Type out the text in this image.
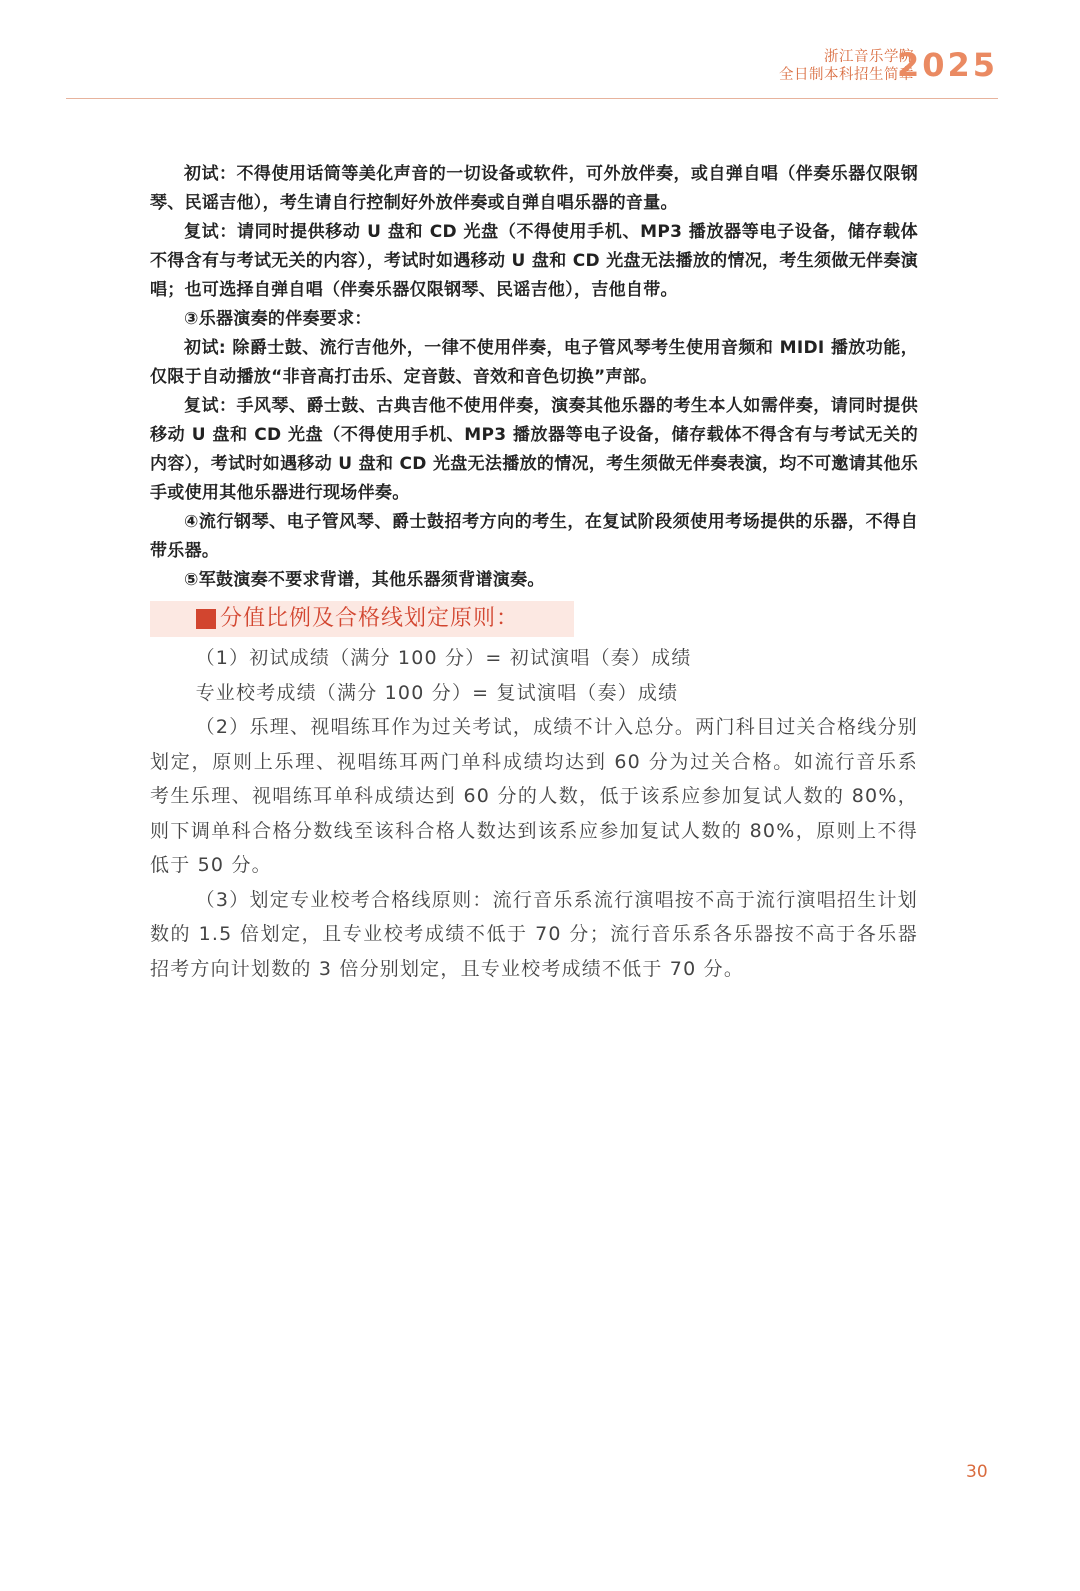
浙江音乐学院
全日制本科招生简章
2025

初试：不得使用话筒等美化声音的一切设备或软件，可外放伴奏，或自弹自唱（伴奏乐器仅限钢琴、民谣吉他），考生请自行控制好外放伴奏或自弹自唱乐器的音量。

复试：请同时提供移动 U 盘和 CD 光盘（不得使用手机、MP3 播放器等电子设备，储存载体不得含有与考试无关的内容），考试时如遇移动 U 盘和 CD 光盘无法播放的情况，考生须做无伴奏演唱；也可选择自弹自唱（伴奏乐器仅限钢琴、民谣吉他），吉他自带。

③乐器演奏的伴奏要求：

初试: 除爵士鼓、流行吉他外，一律不使用伴奏，电子管风琴考生使用音频和 MIDI 播放功能，仅限于自动播放“非音高打击乐、定音鼓、音效和音色切换”声部。

复试：手风琴、爵士鼓、古典吉他不使用伴奏，演奏其他乐器的考生本人如需伴奏，请同时提供移动 U 盘和 CD 光盘（不得使用手机、MP3 播放器等电子设备，储存载体不得含有与考试无关的内容），考试时如遇移动 U 盘和 CD 光盘无法播放的情况，考生须做无伴奏表演，均不可邀请其他乐手或使用其他乐器进行现场伴奏。

④流行钢琴、电子管风琴、爵士鼓招考方向的考生，在复试阶段须使用考场提供的乐器，不得自带乐器。

⑤军鼓演奏不要求背谱，其他乐器须背谱演奏。

分值比例及合格线划定原则：

（1）初试成绩（满分 100 分）= 初试演唱（奏）成绩

专业校考成绩（满分 100 分）= 复试演唱（奏）成绩

（2）乐理、视唱练耳作为过关考试，成绩不计入总分。两门科目过关合格线分别划定，原则上乐理、视唱练耳两门单科成绩均达到 60 分为过关合格。如流行音乐系考生乐理、视唱练耳单科成绩达到 60 分的人数，低于该系应参加复试人数的 80%，则下调单科合格分数线至该科合格人数达到该系应参加复试人数的 80%，原则上不得低于 50 分。

（3）划定专业校考合格线原则：流行音乐系流行演唱按不高于流行演唱招生计划数的 1.5 倍划定，且专业校考成绩不低于 70 分；流行音乐系各乐器按不高于各乐器招考方向计划数的 3 倍分别划定，且专业校考成绩不低于 70 分。

30
